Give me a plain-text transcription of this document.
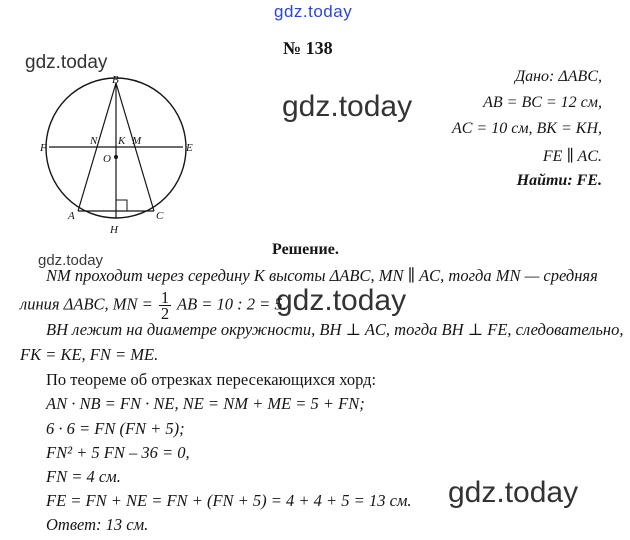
gdz.today
gdz.today
gdz.today
gdz.today
gdz.today
gdz.today
№ 138
Дано: ΔABC,
AB = BC = 12 см,
AC = 10 см, BK = KH,
FE ∥ AC.
Найти: FE.
B
F
N K M
E
O
A	C
H
Решение.
NM проходит через середину K высоты ΔABC, MN ∥ AC, тогда MN — средняя
линия ΔABC, MN = $\frac{1}{2}$ AB = 10 : 2 = 5.
BH лежит на диаметре окружности, BH ⊥ AC, тогда BH ⊥ FE, следовательно,
FK = KE, FN = ME.
По теореме об отрезках пересекающихся хорд:
AN · NB = FN · NE, NE = NM + ME = 5 + FN;
6 · 6 = FN (FN + 5);
FN² + 5 FN – 36 = 0,
FN = 4 см.
FE = FN + NE = FN + (FN + 5) = 4 + 4 + 5 = 13 см.
Ответ: 13 см.
